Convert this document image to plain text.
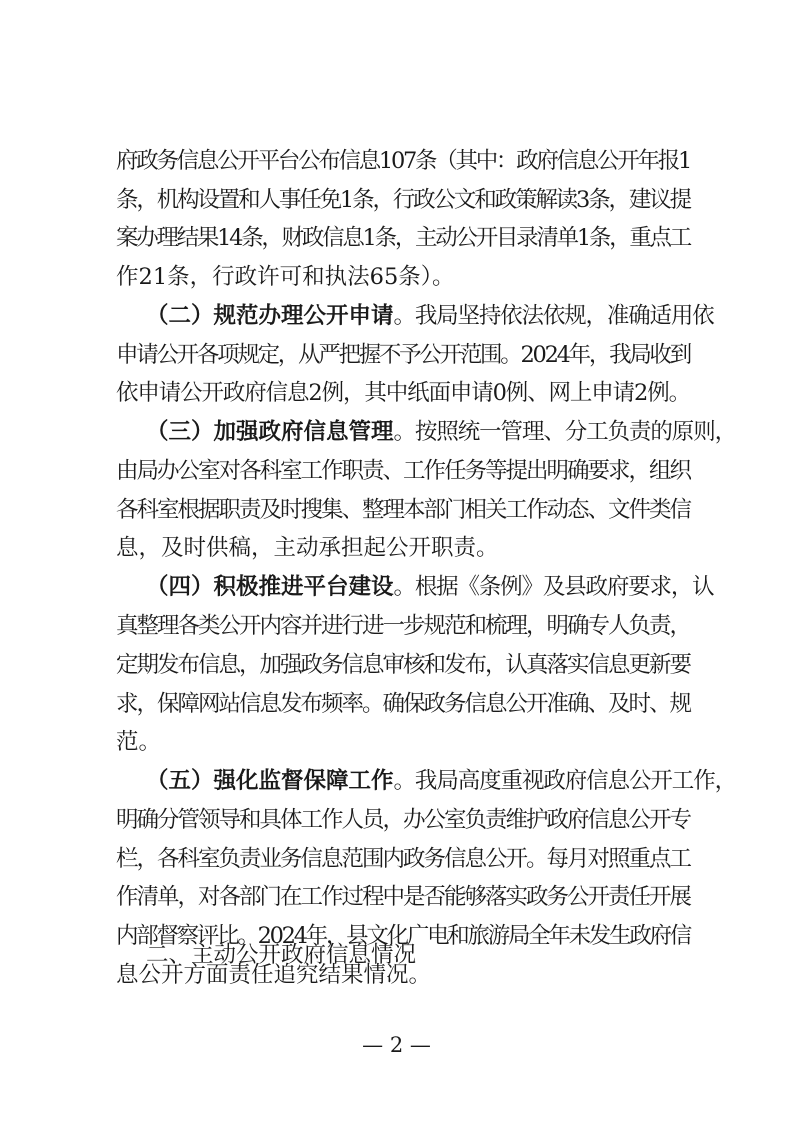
府政务信息公开平台公布信息107条（其中：政府信息公开年报1
条，机构设置和人事任免1条，行政公文和政策解读3条，建议提
案办理结果14条，财政信息1条，主动公开目录清单1条，重点工
作21条，行政许可和执法65条）。
（二）规范办理公开申请 。我局坚持依法依规，准确适用依
申请公开各项规定，从严把握不予公开范围。2024年，我局收到
依申请公开政府信息2例，其中纸面申请0例、网上申请2例。
（三）加强政府信息管理 。按照统一管理、分工负责的原则，
由局办公室对各科室工作职责、工作任务等提出明确要求，组织
各科室根据职责及时搜集、整理本部门相关工作动态、文件类信
息，及时供稿，主动承担起公开职责。
（四）积极推进平台建设 。根据《条例》及县政府要求，认
真整理各类公开内容并进行进一步规范和梳理，明确专人负责，
定期发布信息，加强政务信息审核和发布，认真落实信息更新要
求，保障网站信息发布频率。确保政务信息公开准确、及时、规
范。
（五）强化监督保障工作 。我局高度重视政府信息公开工作，
明确分管领导和具体工作人员，办公室负责维护政府信息公开专
栏，各科室负责业务信息范围内政务信息公开。每月对照重点工
作清单，对各部门在工作过程中是否能够落实政务公开责任开展
内部督察评比。2024年，县文化广电和旅游局全年未发生政府信
息公开方面责任追究结果情况。
— 2 —
二、主动公开政府信息情况
